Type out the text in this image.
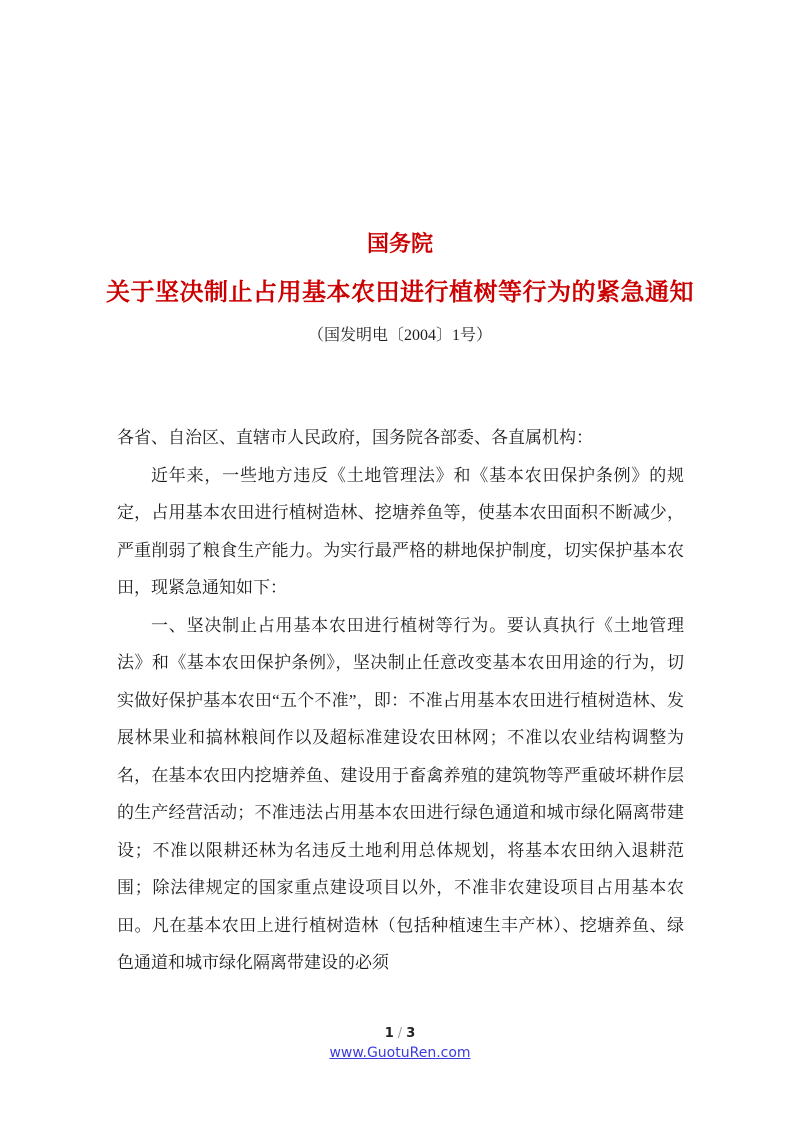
国务院
关于坚决制止占用基本农田进行植树等行为的紧急通知
（国发明电〔2004〕1号）

各省、自治区、直辖市人民政府，国务院各部委、各直属机构：

近年来，一些地方违反《土地管理法》和《基本农田保护条例》的规定，占用基本农田进行植树造林、挖塘养鱼等，使基本农田面积不断减少，严重削弱了粮食生产能力。为实行最严格的耕地保护制度，切实保护基本农田，现紧急通知如下：

一、坚决制止占用基本农田进行植树等行为。要认真执行《土地管理法》和《基本农田保护条例》，坚决制止任意改变基本农田用途的行为，切实做好保护基本农田“五个不准”，即：不准占用基本农田进行植树造林、发展林果业和搞林粮间作以及超标准建设农田林网；不准以农业结构调整为名，在基本农田内挖塘养鱼、建设用于畜禽养殖的建筑物等严重破坏耕作层的生产经营活动；不准违法占用基本农田进行绿色通道和城市绿化隔离带建设；不准以限耕还林为名违反土地利用总体规划，将基本农田纳入退耕范围；除法律规定的国家重点建设项目以外，不准非农建设项目占用基本农田。凡在基本农田上进行植树造林（包括种植速生丰产林）、挖塘养鱼、绿色通道和城市绿化隔离带建设的必须

1 / 3
www.GuotuRen.com
